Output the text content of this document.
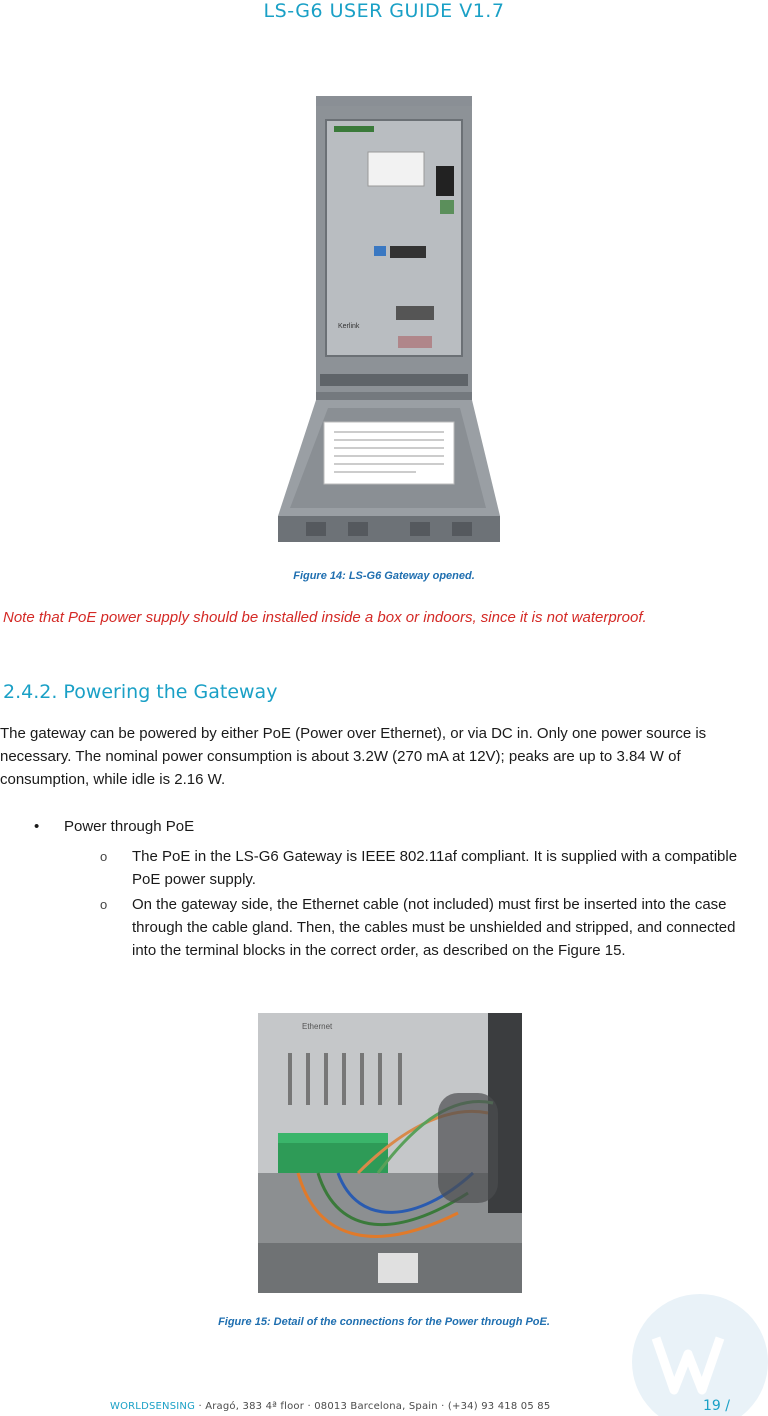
LS-G6 USER GUIDE V1.7
Kerlink
Figure 14: LS-G6 Gateway opened.
Note that PoE power supply should be installed inside a box or indoors, since it is not waterproof.
2.4.2. Powering the Gateway
The gateway can be powered by either PoE (Power over Ethernet), or via DC in. Only one power source is necessary. The nominal power consumption is about 3.2W (270 mA at 12V); peaks are up to 3.84 W of consumption, while idle is 2.16 W.
• Power through PoE
o The PoE in the LS-G6 Gateway is IEEE 802.11af compliant. It is supplied with a compatible PoE power supply.
o On the gateway side, the Ethernet cable (not included) must first be inserted into the case through the cable gland. Then, the cables must be unshielded and stripped, and connected into the terminal blocks in the correct order, as described on the Figure 15.
Ethernet
Figure 15: Detail of the connections for the Power through PoE.
WORLDSENSING · Aragó, 383 4ª floor · 08013 Barcelona, Spain · (+34) 93 418 05 85	19 /
